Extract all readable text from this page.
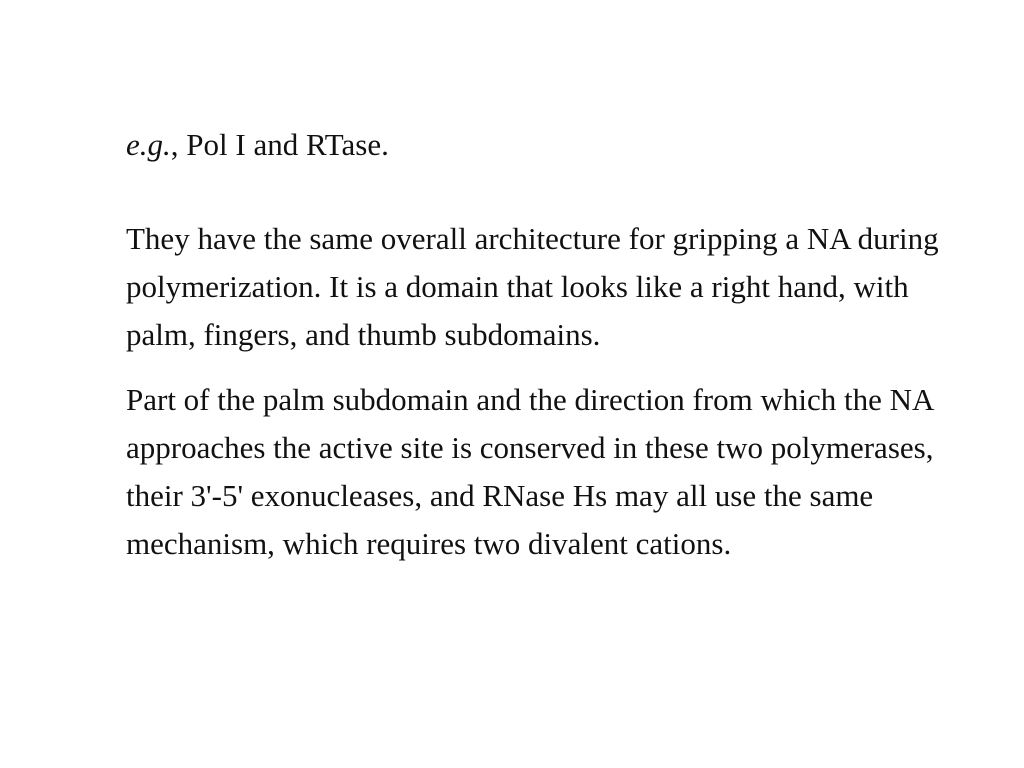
e.g., Pol I and RTase.

They have the same overall architecture for gripping a NA during polymerization. It is a domain that looks like a right hand, with palm, fingers, and thumb subdomains.

Part of the palm subdomain and the direction from which the NA approaches the active site is conserved in these two polymerases, their 3'-5' exonucleases, and RNase Hs may all use the same mechanism, which requires two divalent cations.
